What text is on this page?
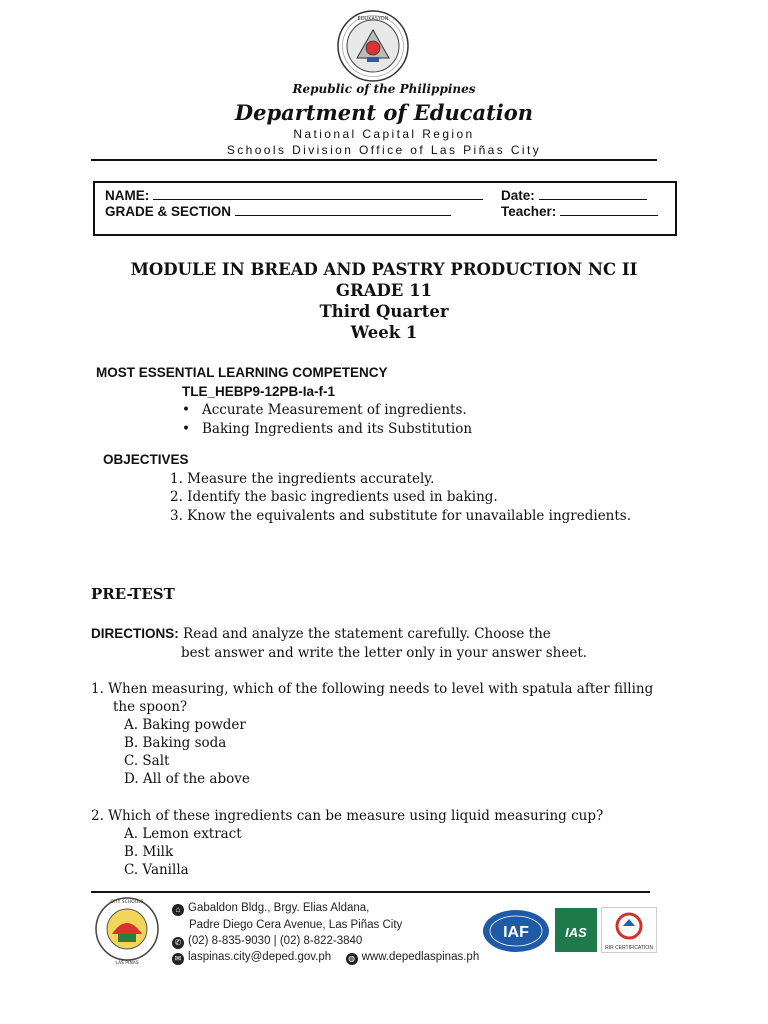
EDUKASYON
Republic of the Philippines
Department of Education
National Capital Region
Schools Division Office of Las Piñas City
NAME:	Date:
GRADE & SECTION	Teacher:
MODULE IN BREAD AND PASTRY PRODUCTION NC II
GRADE 11
Third Quarter
Week 1
MOST ESSENTIAL LEARNING COMPETENCY
TLE_HEBP9-12PB-Ia-f-1
• Accurate Measurement of ingredients.
• Baking Ingredients and its Substitution
OBJECTIVES
1. Measure the ingredients accurately.
2. Identify the basic ingredients used in baking.
3. Know the equivalents and substitute for unavailable ingredients.
PRE-TEST
DIRECTIONS: Read and analyze the statement carefully. Choose the
best answer and write the letter only in your answer sheet.
1. When measuring, which of the following needs to level with spatula after filling
the spoon?
A. Baking powder
B. Baking soda
C. Salt
D. All of the above
2. Which of these ingredients can be measure using liquid measuring cup?
A. Lemon extract
B. Milk
C. Vanilla
CITY SCHOOLS
LAS PIÑAS
⌂ Gabaldon Bldg., Brgy. Elias Aldana,
Padre Diego Cera Avenue, Las Piñas City
✆ (02) 8-835-9030 | (02) 8-822-3840
✉ laspinas.city@deped.gov.ph ◍ www.depedlaspinas.ph
IAF	IAS
RIR CERTIFICATION
